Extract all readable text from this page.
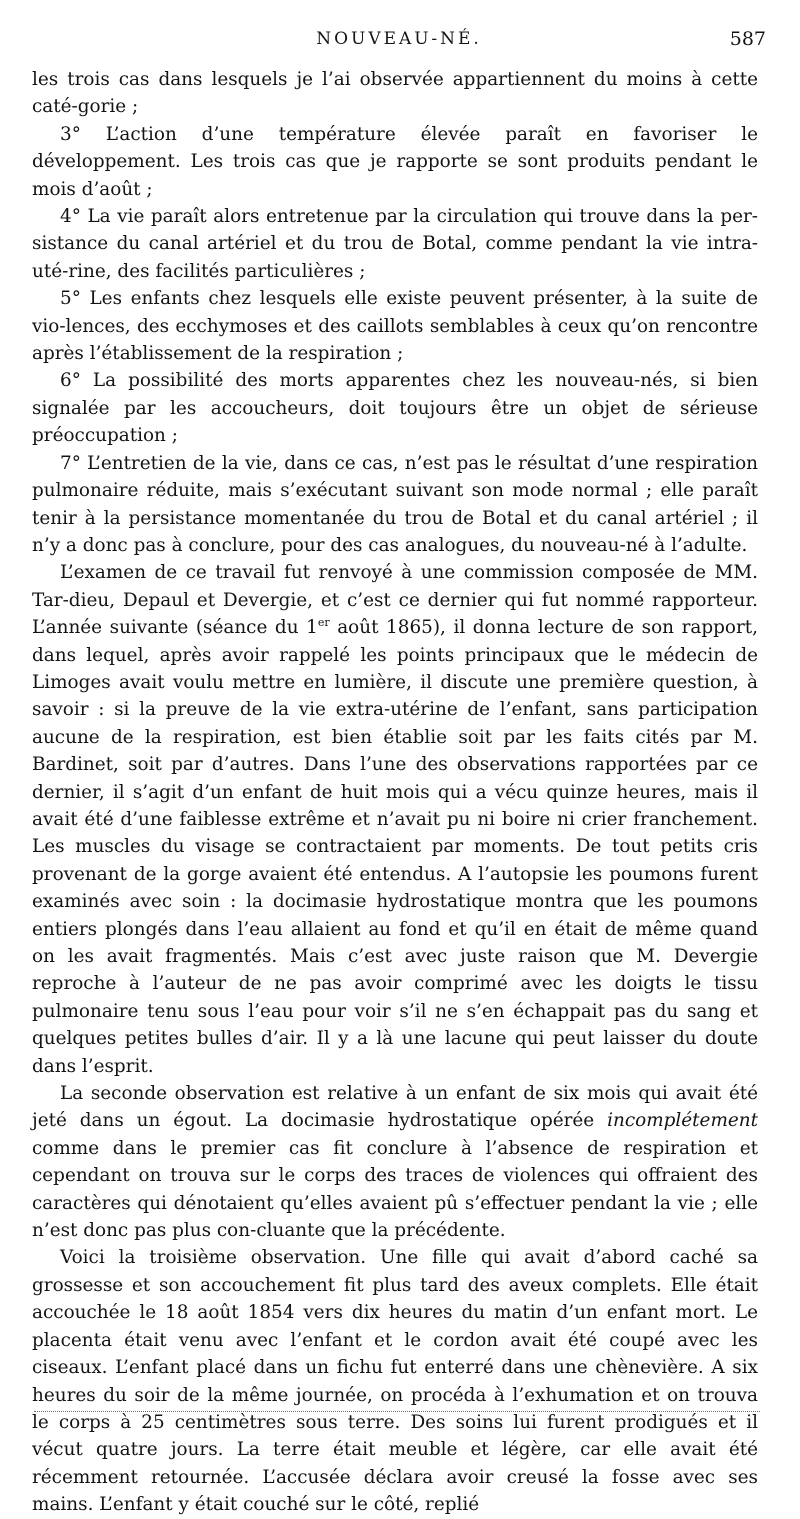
NOUVEAU-NÉ.	587

les trois cas dans lesquels je l’ai observée appartiennent du moins à cette caté-gorie ;

3° L’action d’une température élevée paraît en favoriser le développement. Les trois cas que je rapporte se sont produits pendant le mois d’août ;

4° La vie paraît alors entretenue par la circulation qui trouve dans la per-sistance du canal artériel et du trou de Botal, comme pendant la vie intra-uté-rine, des facilités particulières ;

5° Les enfants chez lesquels elle existe peuvent présenter, à la suite de vio-lences, des ecchymoses et des caillots semblables à ceux qu’on rencontre après l’établissement de la respiration ;

6° La possibilité des morts apparentes chez les nouveau-nés, si bien signalée par les accoucheurs, doit toujours être un objet de sérieuse préoccupation ;

7° L’entretien de la vie, dans ce cas, n’est pas le résultat d’une respiration pulmonaire réduite, mais s’exécutant suivant son mode normal ; elle paraît tenir à la persistance momentanée du trou de Botal et du canal artériel ; il n’y a donc pas à conclure, pour des cas analogues, du nouveau-né à l’adulte.

L’examen de ce travail fut renvoyé à une commission composée de MM. Tar-dieu, Depaul et Devergie, et c’est ce dernier qui fut nommé rapporteur. L’année suivante (séance du 1er août 1865), il donna lecture de son rapport, dans lequel, après avoir rappelé les points principaux que le médecin de Limoges avait voulu mettre en lumière, il discute une première question, à savoir : si la preuve de la vie extra-utérine de l’enfant, sans participation aucune de la respiration, est bien établie soit par les faits cités par M. Bardinet, soit par d’autres. Dans l’une des observations rapportées par ce dernier, il s’agit d’un enfant de huit mois qui a vécu quinze heures, mais il avait été d’une faiblesse extrême et n’avait pu ni boire ni crier franchement. Les muscles du visage se contractaient par moments. De tout petits cris provenant de la gorge avaient été entendus. A l’autopsie les poumons furent examinés avec soin : la docimasie hydrostatique montra que les poumons entiers plongés dans l’eau allaient au fond et qu’il en était de même quand on les avait fragmentés. Mais c’est avec juste raison que M. Devergie reproche à l’auteur de ne pas avoir comprimé avec les doigts le tissu pulmonaire tenu sous l’eau pour voir s’il ne s’en échappait pas du sang et quelques petites bulles d’air. Il y a là une lacune qui peut laisser du doute dans l’esprit.

La seconde observation est relative à un enfant de six mois qui avait été jeté dans un égout. La docimasie hydrostatique opérée incomplétement comme dans le premier cas fit conclure à l’absence de respiration et cependant on trouva sur le corps des traces de violences qui offraient des caractères qui dénotaient qu’elles avaient pû s’effectuer pendant la vie ; elle n’est donc pas plus con-cluante que la précédente.

Voici la troisième observation. Une fille qui avait d’abord caché sa grossesse et son accouchement fit plus tard des aveux complets. Elle était accouchée le 18 août 1854 vers dix heures du matin d’un enfant mort. Le placenta était venu avec l’enfant et le cordon avait été coupé avec les ciseaux. L’enfant placé dans un fichu fut enterré dans une chènevière. A six heures du soir de la même journée, on procéda à l’exhumation et on trouva le corps à 25 centimètres sous terre. Des soins lui furent prodigués et il vécut quatre jours. La terre était meuble et légère, car elle avait été récemment retournée. L’accusée déclara avoir creusé la fosse avec ses mains. L’enfant y était couché sur le côté, replié
